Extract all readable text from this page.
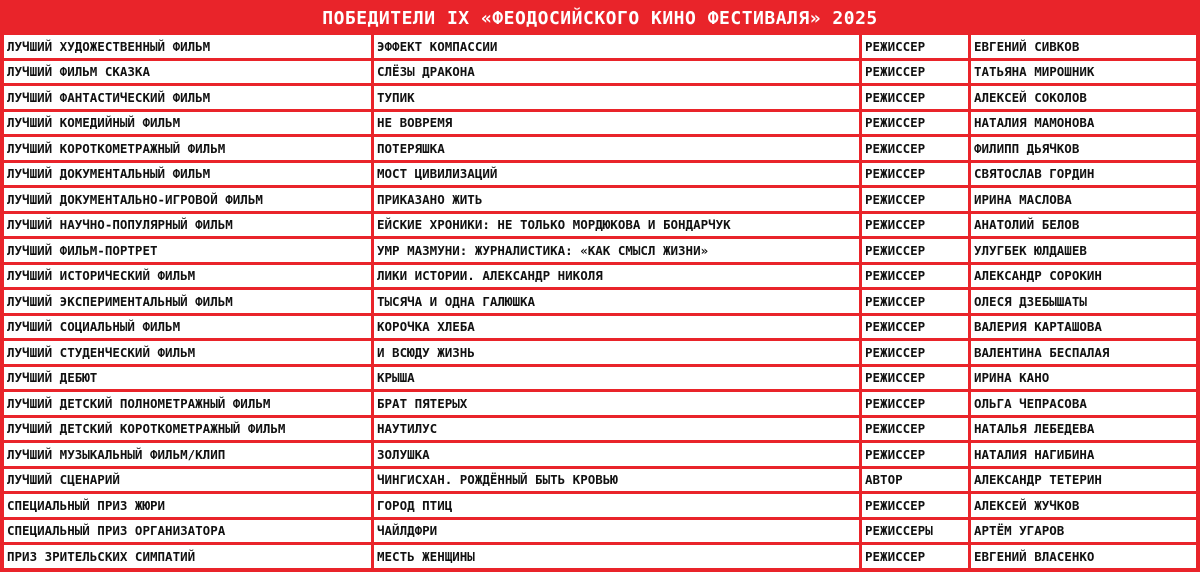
ПОБЕДИТЕЛИ IX «ФЕОДОСИЙСКОГО КИНО ФЕСТИВАЛЯ» 2025
ЛУЧШИЙ ХУДОЖЕСТВЕННЫЙ ФИЛЬМ	ЭФФЕКТ КОМПАССИИ	РЕЖИССЕР	ЕВГЕНИЙ СИВКОВ
ЛУЧШИЙ ФИЛЬМ СКАЗКА	СЛЁЗЫ ДРАКОНА	РЕЖИССЕР	ТАТЬЯНА МИРОШНИК
ЛУЧШИЙ ФАНТАСТИЧЕСКИЙ ФИЛЬМ	ТУПИК	РЕЖИССЕР	АЛЕКСЕЙ СОКОЛОВ
ЛУЧШИЙ КОМЕДИЙНЫЙ ФИЛЬМ	НЕ ВОВРЕМЯ	РЕЖИССЕР	НАТАЛИЯ МАМОНОВА
ЛУЧШИЙ КОРОТКОМЕТРАЖНЫЙ ФИЛЬМ	ПОТЕРЯШКА	РЕЖИССЕР	ФИЛИПП ДЬЯЧКОВ
ЛУЧШИЙ ДОКУМЕНТАЛЬНЫЙ ФИЛЬМ	МОСТ ЦИВИЛИЗАЦИЙ	РЕЖИССЕР	СВЯТОСЛАВ ГОРДИН
ЛУЧШИЙ ДОКУМЕНТАЛЬНО-ИГРОВОЙ ФИЛЬМ	ПРИКАЗАНО ЖИТЬ	РЕЖИССЕР	ИРИНА МАСЛОВА
ЛУЧШИЙ НАУЧНО-ПОПУЛЯРНЫЙ ФИЛЬМ	ЕЙСКИЕ ХРОНИКИ: НЕ ТОЛЬКО МОРДЮКОВА И БОНДАРЧУК	РЕЖИССЕР	АНАТОЛИЙ БЕЛОВ
ЛУЧШИЙ ФИЛЬМ-ПОРТРЕТ	УМР МАЗМУНИ: ЖУРНАЛИСТИКА: «КАК СМЫСЛ ЖИЗНИ»	РЕЖИССЕР	УЛУГБЕК ЮЛДАШЕВ
ЛУЧШИЙ ИСТОРИЧЕСКИЙ ФИЛЬМ	ЛИКИ ИСТОРИИ. АЛЕКСАНДР НИКОЛЯ	РЕЖИССЕР	АЛЕКСАНДР СОРОКИН
ЛУЧШИЙ ЭКСПЕРИМЕНТАЛЬНЫЙ ФИЛЬМ	ТЫСЯЧА И ОДНА ГАЛЮШКА	РЕЖИССЕР	ОЛЕСЯ ДЗЕБЫШАТЫ
ЛУЧШИЙ СОЦИАЛЬНЫЙ ФИЛЬМ	КОРОЧКА ХЛЕБА	РЕЖИССЕР	ВАЛЕРИЯ КАРТАШОВА
ЛУЧШИЙ СТУДЕНЧЕСКИЙ ФИЛЬМ	И ВСЮДУ ЖИЗНЬ	РЕЖИССЕР	ВАЛЕНТИНА БЕСПАЛАЯ
ЛУЧШИЙ ДЕБЮТ	КРЫША	РЕЖИССЕР	ИРИНА КАНО
ЛУЧШИЙ ДЕТСКИЙ ПОЛНОМЕТРАЖНЫЙ ФИЛЬМ	БРАТ ПЯТЕРЫХ	РЕЖИССЕР	ОЛЬГА ЧЕПРАСОВА
ЛУЧШИЙ ДЕТСКИЙ КОРОТКОМЕТРАЖНЫЙ ФИЛЬМ	НАУТИЛУС	РЕЖИССЕР	НАТАЛЬЯ ЛЕБЕДЕВА
ЛУЧШИЙ МУЗЫКАЛЬНЫЙ ФИЛЬМ/КЛИП	ЗОЛУШКА	РЕЖИССЕР	НАТАЛИЯ НАГИБИНА
ЛУЧШИЙ СЦЕНАРИЙ	ЧИНГИСХАН. РОЖДЁННЫЙ БЫТЬ КРОВЬЮ	АВТОР	АЛЕКСАНДР ТЕТЕРИН
СПЕЦИАЛЬНЫЙ ПРИЗ ЖЮРИ	ГОРОД ПТИЦ	РЕЖИССЕР	АЛЕКСЕЙ ЖУЧКОВ
СПЕЦИАЛЬНЫЙ ПРИЗ ОРГАНИЗАТОРА	ЧАЙЛДФРИ	РЕЖИССЕРЫ	АРТЁМ УГАРОВ
ПРИЗ ЗРИТЕЛЬСКИХ СИМПАТИЙ	МЕСТЬ ЖЕНЩИНЫ	РЕЖИССЕР	ЕВГЕНИЙ ВЛАСЕНКО
